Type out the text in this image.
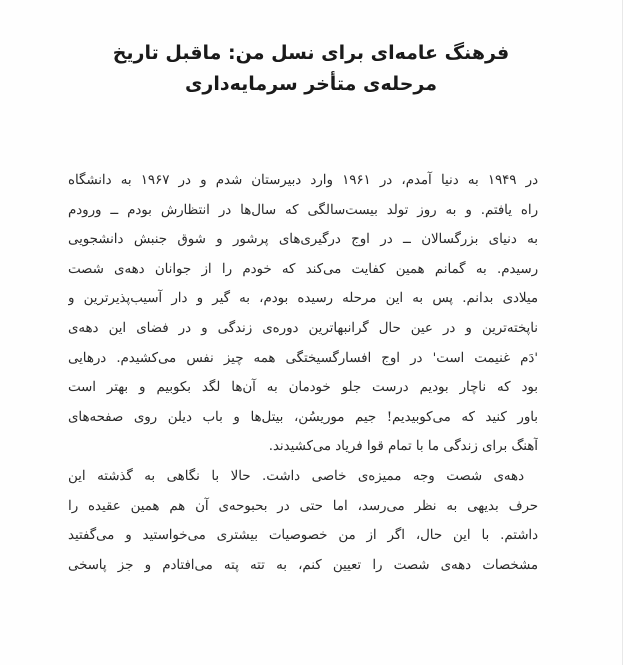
فرهنگ عامه‌ای برای نسل من: ماقبل تاریخ
مرحله‌ی متأخر سرمایه‌داری
در ۱۹۴۹ به دنیا آمدم، در ۱۹۶۱ وارد دبیرستان شدم و در ۱۹۶۷ به دانشگاه
راه یافتم. و به روز تولد بیست‌سالگی که سال‌ها در انتظارش بودم ــ ورودم
به دنیای بزرگسالان ــ در اوج درگیری‌های پرشور و شوق جنبش دانشجویی
رسیدم. به گمانم همین کفایت می‌کند که خودم را از جوانان دهه‌ی شصت
میلادی بدانم. پس به این مرحله رسیده بودم، به گیر و دار آسیب‌پذیرترین و
ناپخته‌ترین و در عین حال گرانبهاترین دوره‌ی زندگی و در فضای این دهه‌ی
'دَم غنیمت است' در اوج افسارگسیختگی همه چیز نفس می‌کشیدم. درهایی
بود که ناچار بودیم درست جلو خودمان به آن‌ها لگد بکوبیم و بهتر است
باور کنید که می‌کوبیدیم! جیم موریسُن، بیتل‌ها و باب دیلن روی صفحه‌های
آهنگ برای زندگی ما با تمام قوا فریاد می‌کشیدند.
دهه‌ی شصت وجه ممیزه‌ی خاصی داشت. حالا با نگاهی به گذشته این
حرف بدیهی به نظر می‌رسد، اما حتی در بحبوحه‌ی آن هم همین عقیده را
داشتم. با این حال، اگر از من خصوصیات بیشتری می‌خواستید و می‌گفتید
مشخصات دهه‌ی شصت را تعیین کنم، به تته پته می‌افتادم و جز پاسخی
